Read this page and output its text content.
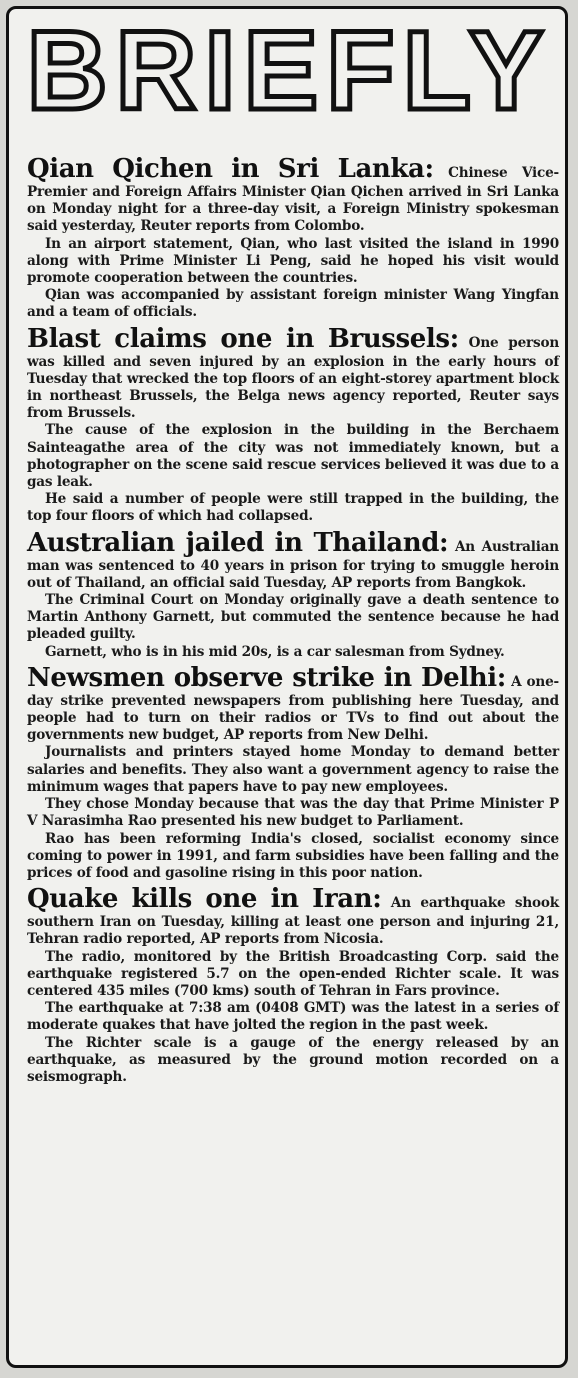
BRIEFLY

Qian Qichen in Sri Lanka: Chinese Vice-Premier and Foreign Affairs Minister Qian Qichen arrived in Sri Lanka on Monday night for a three-day visit, a Foreign Ministry spokesman said yesterday, Reuter reports from Colombo.

In an airport statement, Qian, who last visited the island in 1990 along with Prime Minister Li Peng, said he hoped his visit would promote cooperation between the countries.

Qian was accompanied by assistant foreign minister Wang Yingfan and a team of officials.

Blast claims one in Brussels: One person was killed and seven injured by an explosion in the early hours of Tuesday that wrecked the top floors of an eight-storey apartment block in northeast Brussels, the Belga news agency reported, Reuter says from Brussels.

The cause of the explosion in the building in the Berchaem Sainteagathe area of the city was not immediately known, but a photographer on the scene said rescue services believed it was due to a gas leak.

He said a number of people were still trapped in the building, the top four floors of which had collapsed.

Australian jailed in Thailand: An Australian man was sentenced to 40 years in prison for trying to smuggle heroin out of Thailand, an official said Tuesday, AP reports from Bangkok.

The Criminal Court on Monday originally gave a death sentence to Martin Anthony Garnett, but commuted the sentence because he had pleaded guilty.

Garnett, who is in his mid 20s, is a car salesman from Sydney.

Newsmen observe strike in Delhi: A one-day strike prevented newspapers from publishing here Tuesday, and people had to turn on their radios or TVs to find out about the governments new budget, AP reports from New Delhi.

Journalists and printers stayed home Monday to demand better salaries and benefits. They also want a government agency to raise the minimum wages that papers have to pay new employees.

They chose Monday because that was the day that Prime Minister P V Narasimha Rao presented his new budget to Parliament.

Rao has been reforming India's closed, socialist economy since coming to power in 1991, and farm subsidies have been falling and the prices of food and gasoline rising in this poor nation.

Quake kills one in Iran: An earthquake shook southern Iran on Tuesday, killing at least one person and injuring 21, Tehran radio reported, AP reports from Nicosia.

The radio, monitored by the British Broadcasting Corp. said the earthquake registered 5.7 on the open-ended Richter scale. It was centered 435 miles (700 kms) south of Tehran in Fars province.

The earthquake at 7:38 am (0408 GMT) was the latest in a series of moderate quakes that have jolted the region in the past week.

The Richter scale is a gauge of the energy released by an earthquake, as measured by the ground motion recorded on a seismograph.
